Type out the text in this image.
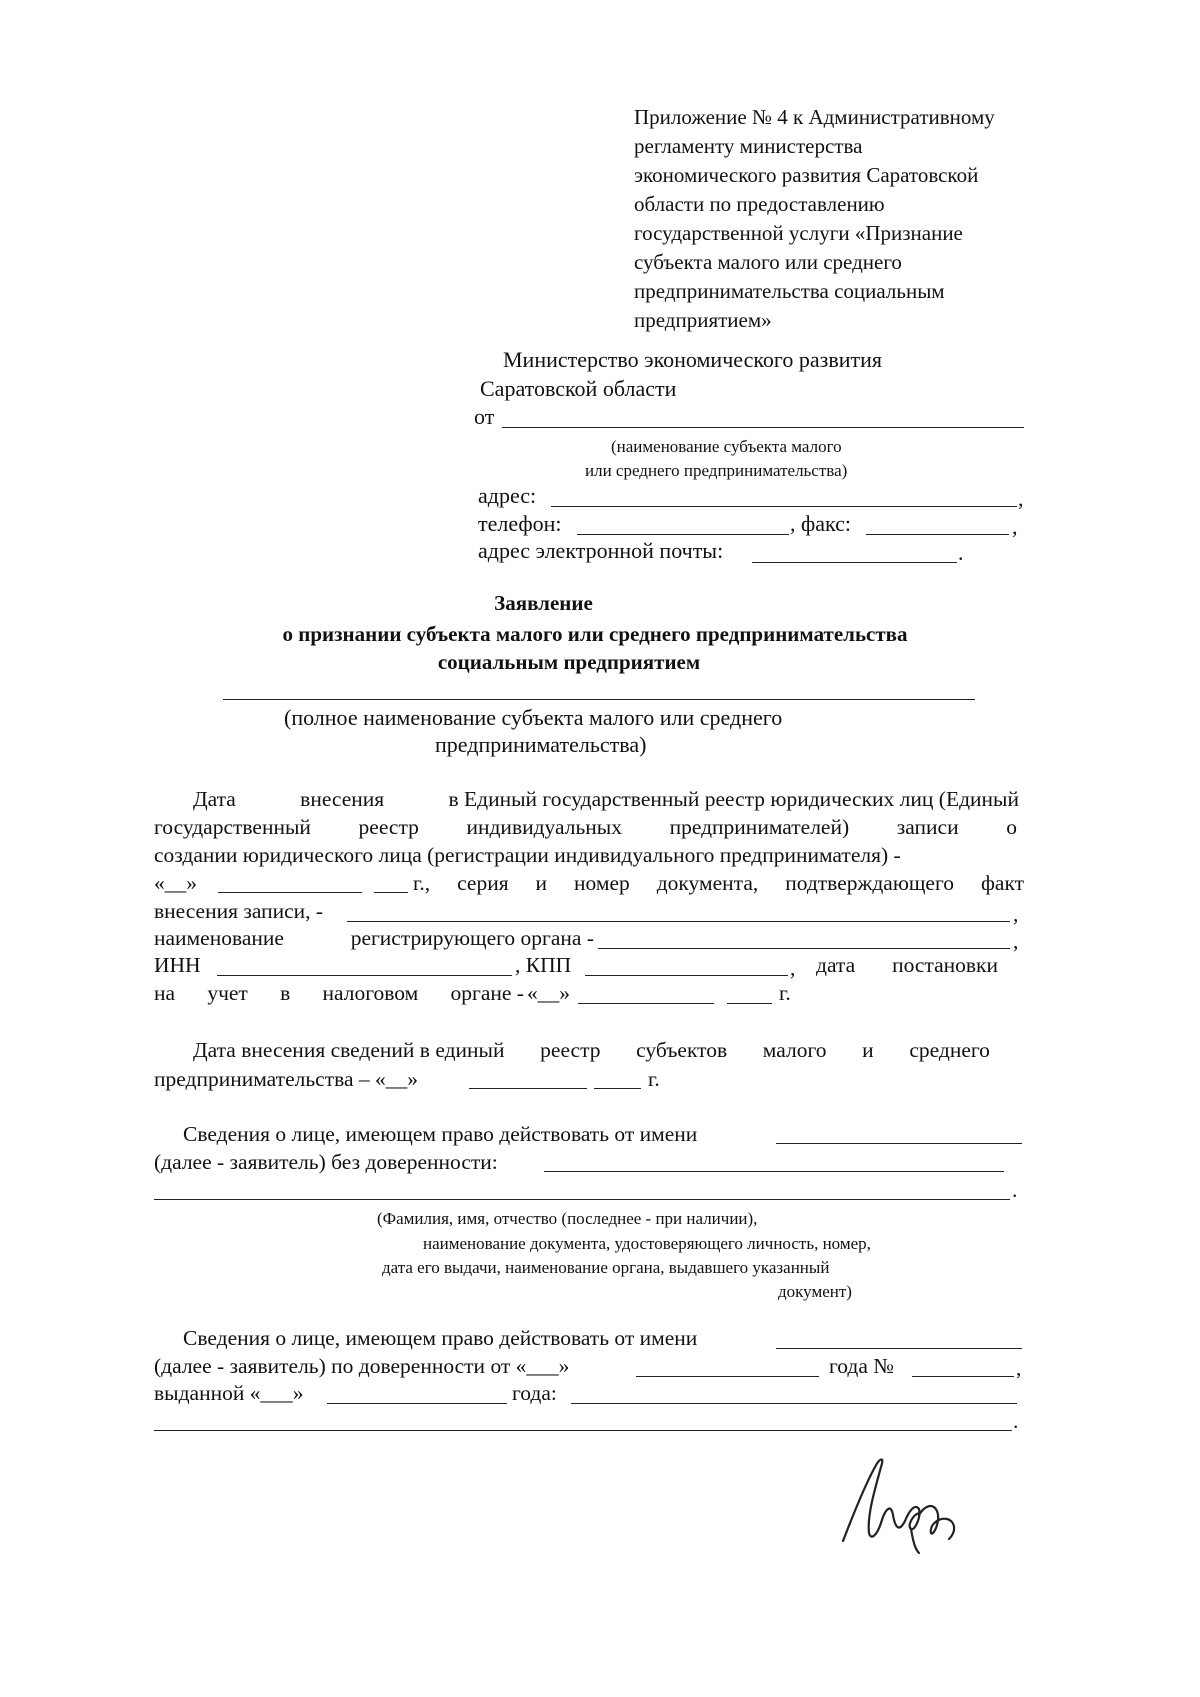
Приложение № 4 к Административному
регламенту министерства
экономического развития Саратовской
области по предоставлению
государственной услуги «Признание
субъекта малого или среднего
предпринимательства социальным
предприятием»
Министерство экономического развития
Саратовской области
от
(наименование субъекта малого
или среднего предпринимательства)
адрес:	,
телефон:	, факс:	,
адрес электронной почты:	.
Заявление
о признании субъекта малого или среднего предпринимательства
социальным предприятием
(полное наименование субъекта малого или среднего
предпринимательства)
Дата	внесения	в Единый государственный реестр юридических лиц (Единый
государственный реестр индивидуальных предпринимателей) записи о
создании юридического лица (регистрации индивидуального предпринимателя) -
«__»	г., серия и номер документа, подтверждающего факт
внесения записи, -	,
наименование	регистрирующего органа -	,
ИНН	, КПП	, дата постановки
на учет в налоговом органе - «__»	г.
Дата внесения сведений в единый реестр субъектов малого и среднего
предпринимательства – «__»	г.
Сведения о лице, имеющем право действовать от имени
(далее - заявитель) без доверенности:
.
(Фамилия, имя, отчество (последнее - при наличии),
наименование документа, удостоверяющего личность, номер,
дата его выдачи, наименование органа, выдавшего указанный
документ)
Сведения о лице, имеющем право действовать от имени
(далее - заявитель) по доверенности от «___»	года №	,
выданной «___»	года:
.
